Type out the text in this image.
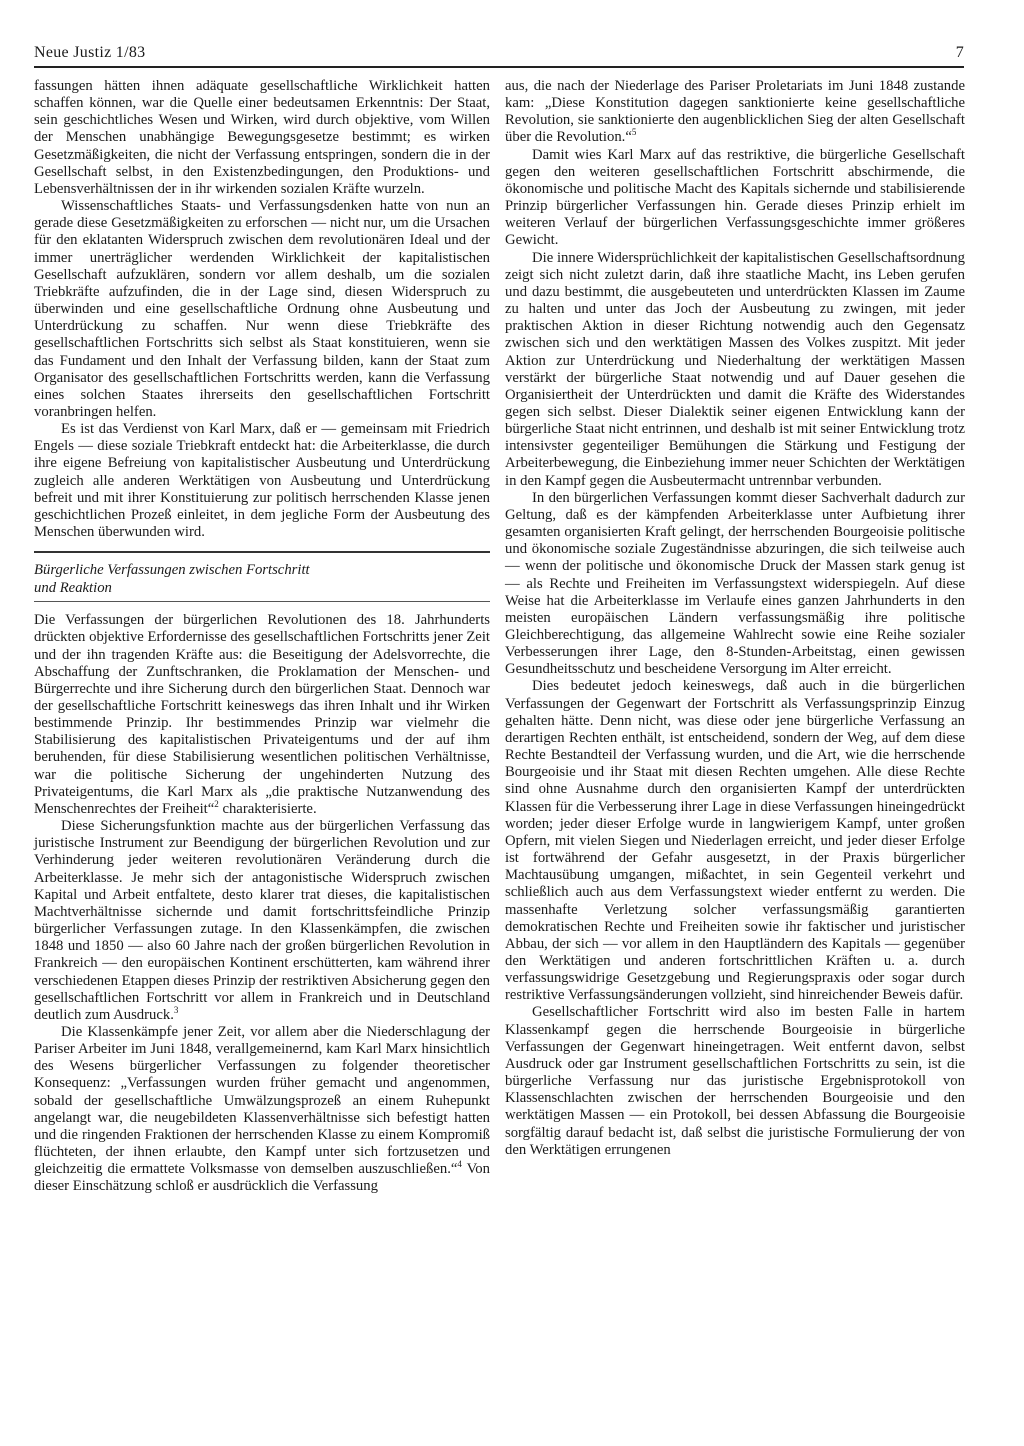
Neue Justiz 1/83	7

fassungen hätten ihnen adäquate gesellschaftliche Wirklichkeit hatten schaffen können, war die Quelle einer bedeutsamen Erkenntnis: Der Staat, sein geschichtliches Wesen und Wirken, wird durch objektive, vom Willen der Menschen unabhängige Bewegungsgesetze bestimmt; es wirken Gesetzmäßigkeiten, die nicht der Verfassung entspringen, sondern die in der Gesellschaft selbst, in den Existenzbedingungen, den Produktions- und Lebensverhältnissen der in ihr wirkenden sozialen Kräfte wurzeln.

Wissenschaftliches Staats- und Verfassungsdenken hatte von nun an gerade diese Gesetzmäßigkeiten zu erforschen — nicht nur, um die Ursachen für den eklatanten Widerspruch zwischen dem revolutionären Ideal und der immer unerträglicher werdenden Wirklichkeit der kapitalistischen Gesellschaft aufzuklären, sondern vor allem deshalb, um die sozialen Triebkräfte aufzufinden, die in der Lage sind, diesen Widerspruch zu überwinden und eine gesellschaftliche Ordnung ohne Ausbeutung und Unterdrückung zu schaffen. Nur wenn diese Triebkräfte des gesellschaftlichen Fortschritts sich selbst als Staat konstituieren, wenn sie das Fundament und den Inhalt der Verfassung bilden, kann der Staat zum Organisator des gesellschaftlichen Fortschritts werden, kann die Verfassung eines solchen Staates ihrerseits den gesellschaftlichen Fortschritt voranbringen helfen.

Es ist das Verdienst von Karl Marx, daß er — gemeinsam mit Friedrich Engels — diese soziale Triebkraft entdeckt hat: die Arbeiterklasse, die durch ihre eigene Befreiung von kapitalistischer Ausbeutung und Unterdrückung zugleich alle anderen Werktätigen von Ausbeutung und Unterdrückung befreit und mit ihrer Konstituierung zur politisch herrschenden Klasse jenen geschichtlichen Prozeß einleitet, in dem jegliche Form der Ausbeutung des Menschen überwunden wird.

Bürgerliche Verfassungen zwischen Fortschritt
und Reaktion

Die Verfassungen der bürgerlichen Revolutionen des 18. Jahrhunderts drückten objektive Erfordernisse des gesellschaftlichen Fortschritts jener Zeit und der ihn tragenden Kräfte aus: die Beseitigung der Adelsvorrechte, die Abschaffung der Zunftschranken, die Proklamation der Menschen- und Bürgerrechte und ihre Sicherung durch den bürgerlichen Staat. Dennoch war der gesellschaftliche Fortschritt keineswegs das ihren Inhalt und ihr Wirken bestimmende Prinzip. Ihr bestimmendes Prinzip war vielmehr die Stabilisierung des kapitalistischen Privateigentums und der auf ihm beruhenden, für diese Stabilisierung wesentlichen politischen Verhältnisse, war die politische Sicherung der ungehinderten Nutzung des Privateigentums, die Karl Marx als „die praktische Nutzanwendung des Menschenrechtes der Freiheit“$^2$ charakterisierte.

Diese Sicherungsfunktion machte aus der bürgerlichen Verfassung das juristische Instrument zur Beendigung der bürgerlichen Revolution und zur Verhinderung jeder weiteren revolutionären Veränderung durch die Arbeiterklasse. Je mehr sich der antagonistische Widerspruch zwischen Kapital und Arbeit entfaltete, desto klarer trat dieses, die kapitalistischen Machtverhältnisse sichernde und damit fortschrittsfeindliche Prinzip bürgerlicher Verfassungen zutage. In den Klassenkämpfen, die zwischen 1848 und 1850 — also 60 Jahre nach der großen bürgerlichen Revolution in Frankreich — den europäischen Kontinent erschütterten, kam während ihrer verschiedenen Etappen dieses Prinzip der restriktiven Absicherung gegen den gesellschaftlichen Fortschritt vor allem in Frankreich und in Deutschland deutlich zum Ausdruck.$^3$

Die Klassenkämpfe jener Zeit, vor allem aber die Niederschlagung der Pariser Arbeiter im Juni 1848, verallgemeinernd, kam Karl Marx hinsichtlich des Wesens bürgerlicher Verfassungen zu folgender theoretischer Konsequenz: „Verfassungen wurden früher gemacht und angenommen, sobald der gesellschaftliche Umwälzungsprozeß an einem Ruhepunkt angelangt war, die neugebildeten Klassenverhältnisse sich befestigt hatten und die ringenden Fraktionen der herrschenden Klasse zu einem Kompromiß flüchteten, der ihnen erlaubte, den Kampf unter sich fortzusetzen und gleichzeitig die ermattete Volksmasse von demselben auszuschließen.“$^4$ Von dieser Einschätzung schloß er ausdrücklich die Verfassung

aus, die nach der Niederlage des Pariser Proletariats im Juni 1848 zustande kam: „Diese Konstitution dagegen sanktionierte keine gesellschaftliche Revolution, sie sanktionierte den augenblicklichen Sieg der alten Gesellschaft über die Revolution.“$^5$

Damit wies Karl Marx auf das restriktive, die bürgerliche Gesellschaft gegen den weiteren gesellschaftlichen Fortschritt abschirmende, die ökonomische und politische Macht des Kapitals sichernde und stabilisierende Prinzip bürgerlicher Verfassungen hin. Gerade dieses Prinzip erhielt im weiteren Verlauf der bürgerlichen Verfassungsgeschichte immer größeres Gewicht.

Die innere Widersprüchlichkeit der kapitalistischen Gesellschaftsordnung zeigt sich nicht zuletzt darin, daß ihre staatliche Macht, ins Leben gerufen und dazu bestimmt, die ausgebeuteten und unterdrückten Klassen im Zaume zu halten und unter das Joch der Ausbeutung zu zwingen, mit jeder praktischen Aktion in dieser Richtung notwendig auch den Gegensatz zwischen sich und den werktätigen Massen des Volkes zuspitzt. Mit jeder Aktion zur Unterdrückung und Niederhaltung der werktätigen Massen verstärkt der bürgerliche Staat notwendig und auf Dauer gesehen die Organisiertheit der Unterdrückten und damit die Kräfte des Widerstandes gegen sich selbst. Dieser Dialektik seiner eigenen Entwicklung kann der bürgerliche Staat nicht entrinnen, und deshalb ist mit seiner Entwicklung trotz intensivster gegenteiliger Bemühungen die Stärkung und Festigung der Arbeiterbewegung, die Einbeziehung immer neuer Schichten der Werktätigen in den Kampf gegen die Ausbeutermacht untrennbar verbunden.

In den bürgerlichen Verfassungen kommt dieser Sachverhalt dadurch zur Geltung, daß es der kämpfenden Arbeiterklasse unter Aufbietung ihrer gesamten organisierten Kraft gelingt, der herrschenden Bourgeoisie politische und ökonomische soziale Zugeständnisse abzuringen, die sich teilweise auch — wenn der politische und ökonomische Druck der Massen stark genug ist — als Rechte und Freiheiten im Verfassungstext widerspiegeln. Auf diese Weise hat die Arbeiterklasse im Verlaufe eines ganzen Jahrhunderts in den meisten europäischen Ländern verfassungsmäßig ihre politische Gleichberechtigung, das allgemeine Wahlrecht sowie eine Reihe sozialer Verbesserungen ihrer Lage, den 8-Stunden-Arbeitstag, einen gewissen Gesundheitsschutz und bescheidene Versorgung im Alter erreicht.

Dies bedeutet jedoch keineswegs, daß auch in die bürgerlichen Verfassungen der Gegenwart der Fortschritt als Verfassungsprinzip Einzug gehalten hätte. Denn nicht, was diese oder jene bürgerliche Verfassung an derartigen Rechten enthält, ist entscheidend, sondern der Weg, auf dem diese Rechte Bestandteil der Verfassung wurden, und die Art, wie die herrschende Bourgeoisie und ihr Staat mit diesen Rechten umgehen. Alle diese Rechte sind ohne Ausnahme durch den organisierten Kampf der unterdrückten Klassen für die Verbesserung ihrer Lage in diese Verfassungen hineingedrückt worden; jeder dieser Erfolge wurde in langwierigem Kampf, unter großen Opfern, mit vielen Siegen und Niederlagen erreicht, und jeder dieser Erfolge ist fortwährend der Gefahr ausgesetzt, in der Praxis bürgerlicher Machtausübung umgangen, mißachtet, in sein Gegenteil verkehrt und schließlich auch aus dem Verfassungstext wieder entfernt zu werden. Die massenhafte Verletzung solcher verfassungsmäßig garantierten demokratischen Rechte und Freiheiten sowie ihr faktischer und juristischer Abbau, der sich — vor allem in den Hauptländern des Kapitals — gegenüber den Werktätigen und anderen fortschrittlichen Kräften u. a. durch verfassungswidrige Gesetzgebung und Regierungspraxis oder sogar durch restriktive Verfassungsänderungen vollzieht, sind hinreichender Beweis dafür.

Gesellschaftlicher Fortschritt wird also im besten Falle in hartem Klassenkampf gegen die herrschende Bourgeoisie in bürgerliche Verfassungen der Gegenwart hineingetragen. Weit entfernt davon, selbst Ausdruck oder gar Instrument gesellschaftlichen Fortschritts zu sein, ist die bürgerliche Verfassung nur das juristische Ergebnisprotokoll von Klassenschlachten zwischen der herrschenden Bourgeoisie und den werktätigen Massen — ein Protokoll, bei dessen Abfassung die Bourgeoisie sorgfältig darauf bedacht ist, daß selbst die juristische Formulierung der von den Werktätigen errungenen
